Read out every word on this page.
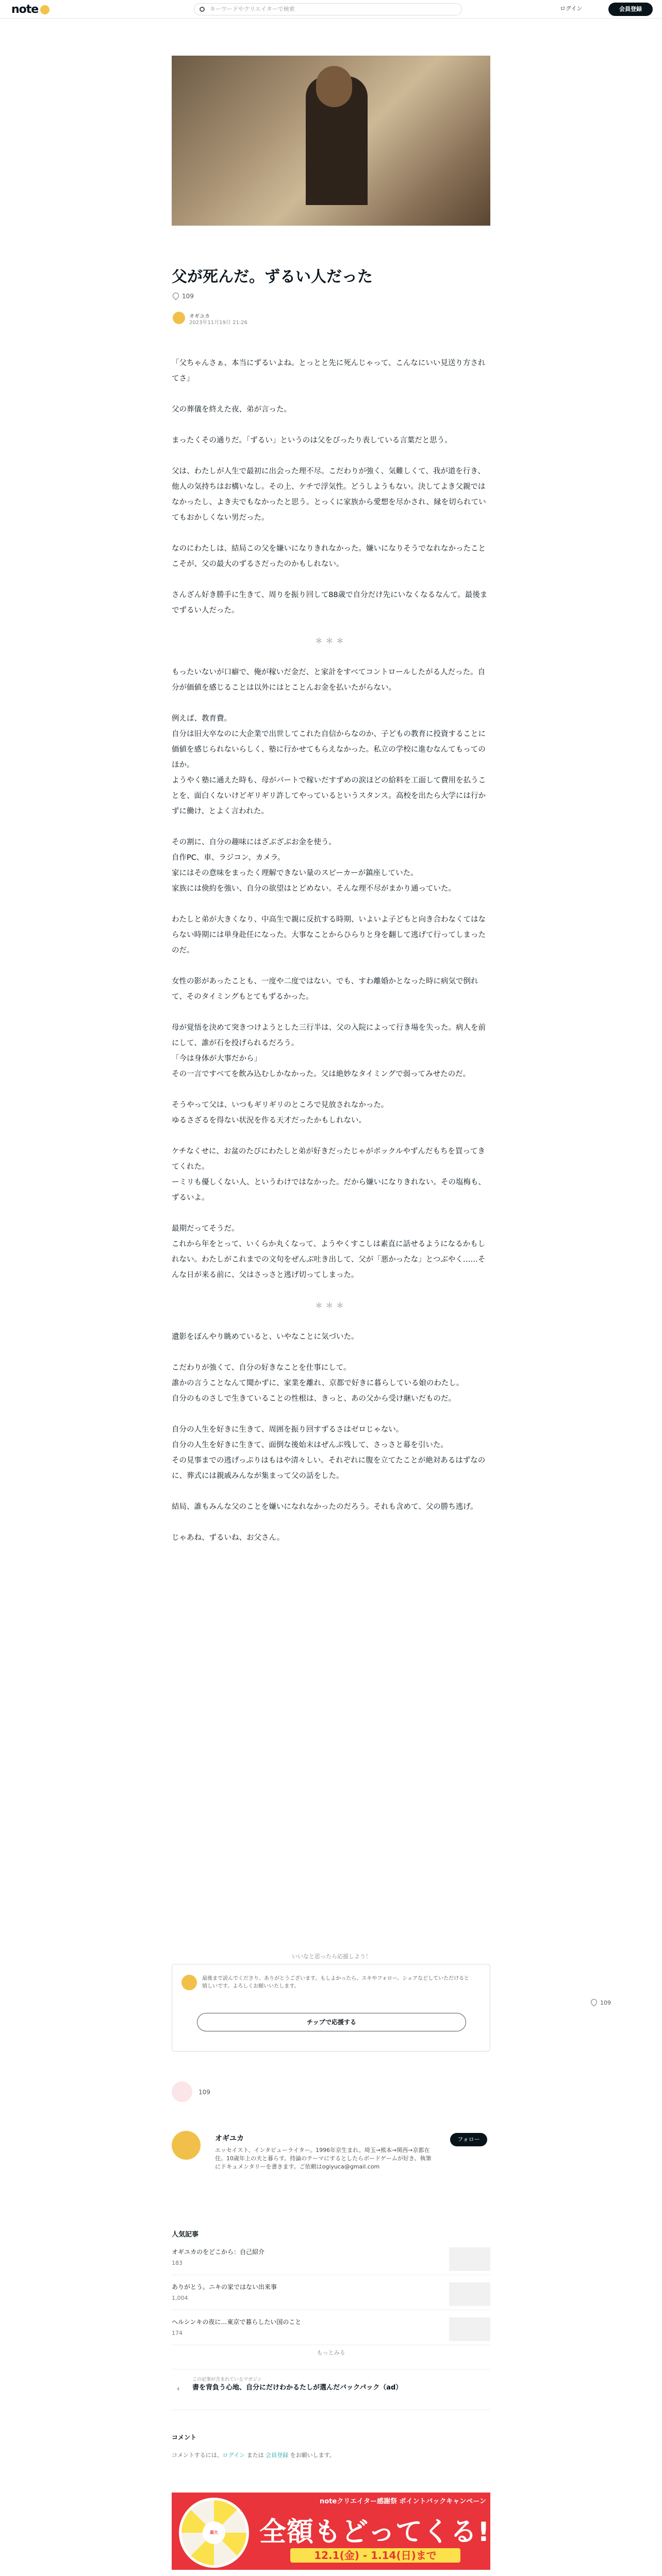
note	キーワードやクリエイターで検索	ログイン	会員登録
父が死んだ。ずるい人だった
109
オギユカ
2023年11月19日 21:26

「父ちゃんさぁ、本当にずるいよね。とっとと先に死んじゃって、こんなにいい見送り方されてさ」

父の葬儀を終えた夜、弟が言った。

まったくその通りだ。「ずるい」というのは父をぴったり表している言葉だと思う。

父は、わたしが人生で最初に出会った理不尽。こだわりが強く、気難しくて、我が道を行き、他人の気持ちはお構いなし。その上、ケチで浮気性。どうしようもない。決してよき父親ではなかったし、よき夫でもなかったと思う。とっくに家族から愛想を尽かされ、縁を切られていてもおかしくない男だった。

なのにわたしは、結局この父を嫌いになりきれなかった。嫌いになりそうでなれなかったことこそが、父の最大のずるさだったのかもしれない。

さんざん好き勝手に生きて、周りを振り回して88歳で自分だけ先にいなくなるなんて。最後までずるい人だった。

＊＊＊

もったいないが口癖で、俺が稼いだ金だ、と家計をすべてコントロールしたがる人だった。自分が価値を感じることは以外にはとことんお金を払いたがらない。

例えば、教育費。
自分は旧大卒なのに大企業で出世してこれた自信からなのか、子どもの教育に投資することに価値を感じられないらしく、塾に行かせてもらえなかった。私立の学校に進むなんてもってのほか。
ようやく塾に通えた時も、母がパートで稼いだすずめの涙ほどの給料を工面して費用を払うことを、面白くないけどギリギリ許してやっているというスタンス。高校を出たら大学には行かずに働け、とよく言われた。

その割に、自分の趣味にはざぶざぶお金を使う。
自作PC、車、ラジコン、カメラ。
家にはその意味をまったく理解できない量のスピーカーが鎮座していた。
家族には倹約を強い、自分の欲望はとどめない。そんな理不尽がまかり通っていた。

わたしと弟が大きくなり、中高生で親に反抗する時期、いよいよ子どもと向き合わなくてはならない時期には単身赴任になった。大事なことからひらりと身を翻して逃げて行ってしまったのだ。

女性の影があったことも、一度や二度ではない。でも、すわ離婚かとなった時に病気で倒れて、そのタイミングもとてもずるかった。

母が覚悟を決めて突きつけようとした三行半は、父の入院によって行き場を失った。病人を前にして、誰が石を投げられるだろう。
「今は身体が大事だから」
その一言ですべてを飲み込むしかなかった。父は絶妙なタイミングで弱ってみせたのだ。

そうやって父は、いつもギリギリのところで見放されなかった。
ゆるさざるを得ない状況を作る天才だったかもしれない。

ケチなくせに、お盆のたびにわたしと弟が好きだったじゃがポックルやずんだもちを買ってきてくれた。
ーミリも優しくない人、というわけではなかった。だから嫌いになりきれない。その塩梅も、ずるいよ。

最期だってそうだ。
これから年をとって、いくらか丸くなって、ようやくすこしは素直に話せるようになるかもしれない。わたしがこれまでの文句をぜんぶ吐き出して、父が「悪かったな」とつぶやく……そんな日が来る前に、父はさっさと逃げ切ってしまった。

＊＊＊

遺影をぼんやり眺めていると、いやなことに気づいた。

こだわりが強くて、自分の好きなことを仕事にして。
誰かの言うことなんて聞かずに、家業を離れ、京都で好きに暮らしている娘のわたし。
自分のものさしで生きていることの性根は、きっと、あの父から受け継いだものだ。

自分の人生を好きに生きて、周囲を振り回すずるさはゼロじゃない。
自分の人生を好きに生きて、面倒な後始末はぜんぶ残して、さっさと幕を引いた。
その見事までの逃げっぷりはもはや清々しい。それぞれに腹を立てたことが絶対あるはずなのに、葬式には親戚みんなが集まって父の話をした。

結局、誰もみんな父のことを嫌いになれなかったのだろう。それも含めて、父の勝ち逃げ。

じゃあね、ずるいね、お父さん。

109
いいなと思ったら応援しよう！
最後まで読んでくださり、ありがとうございます。もしよかったら、スキやフォロー、シェアなどしていただけると嬉しいです。よろしくお願いいたします。
チップで応援する
109
オギユカ	フォロー
エッセイスト、インタビューライター。1996年京生まれ。埼玉→熊本→関西→京都在住。10歳年上の夫と暮らす。持論のテーマにするとしたらボードゲームが好き。執筆にドキュメンタリーを書きます。ご依頼はogiyuca@gmail.com
人気記事
オギユカのをどこから：自己紹介
183
ありがとう。ニキの家ではない出来事
1,004
ヘルシンキの夜に…東京で暮らしたい国のこと
174
もっとみる
‹
この記事が含まれているマガジン
書を背負う心地、自分にだけわかるたしが選んだバックパック（ad）
コメント
コメントするには、ログイン または 会員登録 をお願いします。
最大
noteクリエイター感謝祭 ポイントバックキャンペーン
全額もどってくる!
12.1(金) - 1.14(日)まで
